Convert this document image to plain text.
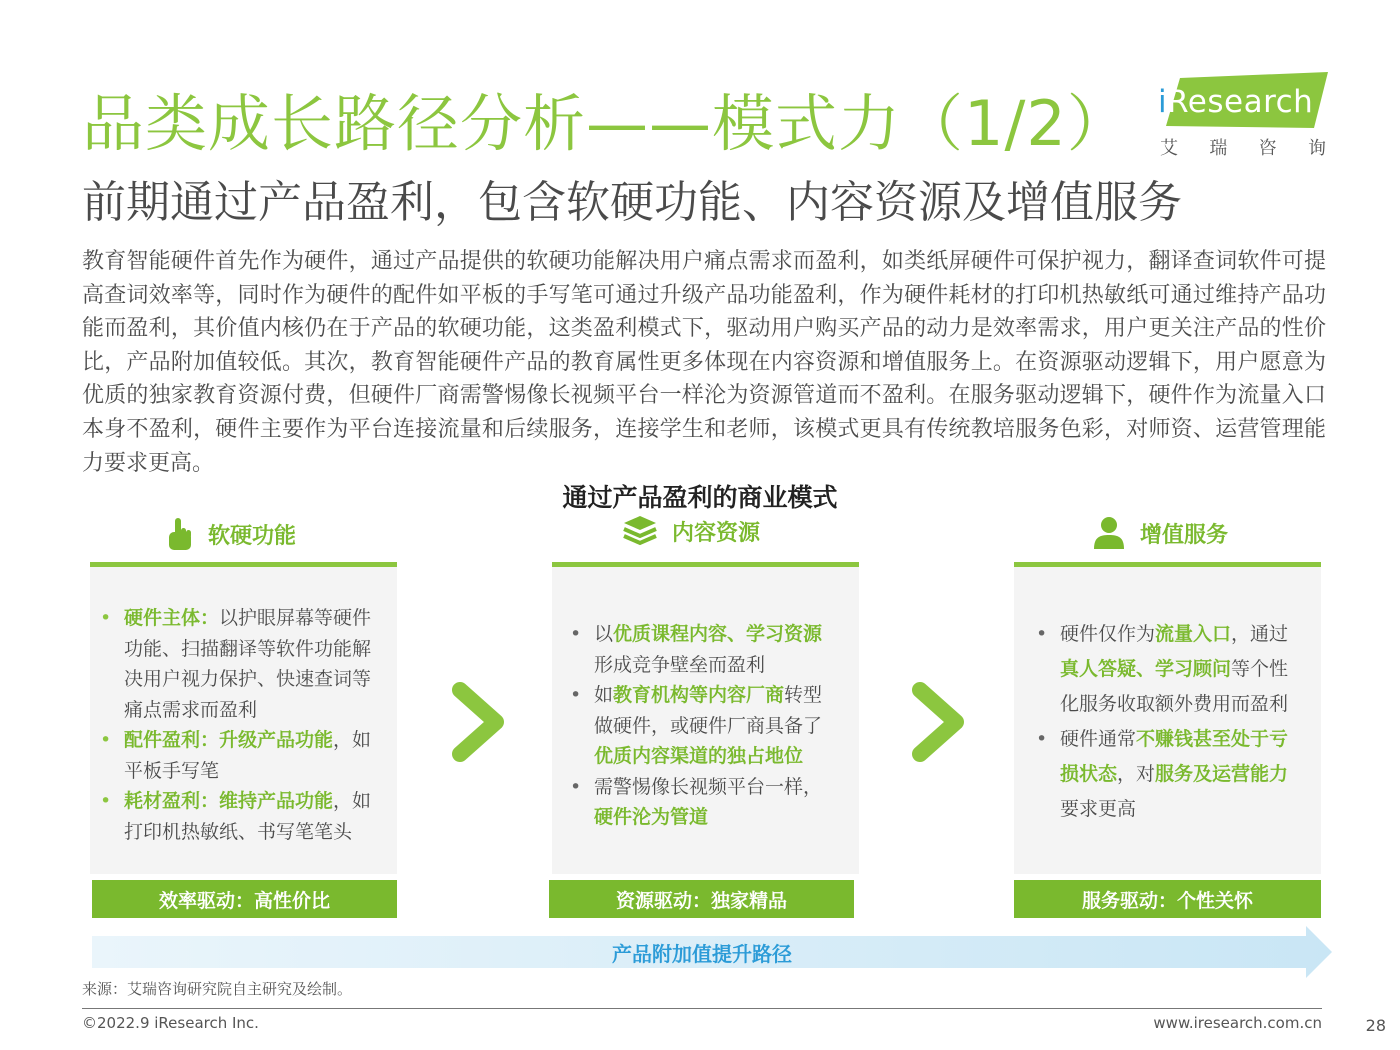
品类成长路径分析——模式力（1/2） iResearch
艾 瑞 咨 询
前期通过产品盈利，包含软硬功能、内容资源及增值服务
教育智能硬件首先作为硬件，通过产品提供的软硬功能解决用户痛点需求而盈利，如类纸屏硬件可保护视力，翻译查词软件可提高查词效率等，同时作为硬件的配件如平板的手写笔可通过升级产品功能盈利，作为硬件耗材的打印机热敏纸可通过维持产品功能而盈利，其价值内核仍在于产品的软硬功能，这类盈利模式下，驱动用户购买产品的动力是效率需求，用户更关注产品的性价比，产品附加值较低。其次，教育智能硬件产品的教育属性更多体现在内容资源和增值服务上。在资源驱动逻辑下，用户愿意为优质的独家教育资源付费，但硬件厂商需警惕像长视频平台一样沦为资源管道而不盈利。在服务驱动逻辑下，硬件作为流量入口本身不盈利，硬件主要作为平台连接流量和后续服务，连接学生和老师，该模式更具有传统教培服务色彩，对师资、运营管理能力要求更高。
通过产品盈利的商业模式
软硬功能	内容资源	增值服务
• 硬件主体：以护眼屏幕等硬件功能、扫描翻译等软件功能解决用户视力保护、快速查词等痛点需求而盈利
• 配件盈利：升级产品功能，如平板手写笔
• 耗材盈利：维持产品功能，如打印机热敏纸、书写笔笔头
• 以优质课程内容、学习资源形成竞争壁垒而盈利
• 如教育机构等内容厂商转型做硬件，或硬件厂商具备了优质内容渠道的独占地位
• 需警惕像长视频平台一样，硬件沦为管道
• 硬件仅作为流量入口，通过真人答疑、学习顾问等个性化服务收取额外费用而盈利
• 硬件通常不赚钱甚至处于亏损状态，对服务及运营能力要求更高
效率驱动：高性价比	资源驱动：独家精品	服务驱动：个性关怀
产品附加值提升路径
来源：艾瑞咨询研究院自主研究及绘制。
©2022.9 iResearch Inc.	www.iresearch.com.cn	28
